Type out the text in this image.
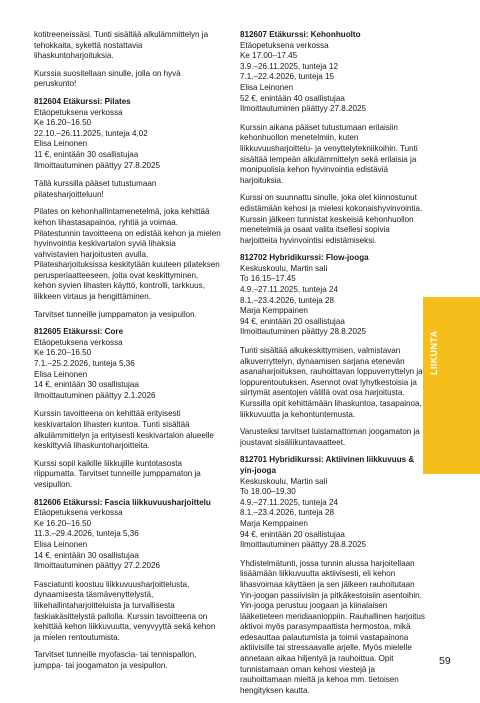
kotitreeneissäsi. Tunti sisältää alkulämmittelyn ja tehokkaita, sykettä nostattavia lihaskuntoharjoituksia.

Kurssia suositellaan sinulle, jolla on hyvä peruskunto!

812604 Etäkurssi: Pilates

Etäopetuksena verkossa
Ke 16.20–16.50
22.10.–26.11.2025, tunteja 4,02
Elisa Leinonen
11 €, enintään 30 osallistujaa
Ilmoittautuminen päättyy 27.8.2025

Tällä kurssilla pääset tutustumaan pilatesharjoitteluun!

Pilates on kehonhallintamenetelmä, joka kehittää kehon lihastasapainoa, ryhtiä ja voimaa. Pilatestunnin tavoitteena on edistää kehon ja mielen hyvinvointia keskivartalon syviä lihaksia vahvistavien harjoitusten avulla. Pilatesharjoituksissa keskitytään kuuteen pilateksen perusperiaatteeseen, joita ovat keskittyminen, kehon syvien lihasten käyttö, kontrolli, tarkkuus, liikkeen virtaus ja hengittäminen.

Tarvitset tunneille jumppamaton ja vesipullon.

812605 Etäkurssi: Core

Etäopetuksena verkossa
Ke 16.20–16.50
7.1.–25.2.2026, tunteja 5,36
Elisa Leinonen
14 €, enintään 30 osallistujaa
Ilmoittautuminen päättyy 2.1.2026

Kurssin tavoitteena on kehittää erityisesti keskivartalon lihasten kuntoa. Tunti sisältää alkulämmittelyn ja erityisesti keskivartalon alueelle keskittyviä lihaskuntoharjoitteita.

Kurssi sopii kaikille liikkujille kuntotasosta riippumatta. Tarvitset tunneille jumppamaton ja vesipullon.

812606 Etäkurssi: Fascia liikkuvuusharjoittelu

Etäopetuksena verkossa
Ke 16.20–16.50
11.3.–29.4.2026, tunteja 5,36
Elisa Leinonen
14 €, enintään 30 osallistujaa
Ilmoittautuminen päättyy 27.2.2026

Fasciatunti koostuu liikkuvuusharjoittelusta, dynaamisesta täsmävenyttelystä, liikehallintaharjoitteluista ja turvallisesta faskiakäsittelystä pallolla. Kurssin tavoitteena on kehittää kehon liikkuvuutta, venyvyyttä sekä kehon ja mielen rentoutumista.

Tarvitset tunneille myofascia- tai tennispallon, jumppa- tai joogamaton ja vesipullon.

812607 Etäkurssi: Kehonhuolto

Etäopetuksena verkossa
Ke 17.00–17.45
3.9.–26.11.2025, tunteja 12
7.1.–22.4.2026, tunteja 15
Elisa Leinonen
52 €, enintään 40 osallistujaa
Ilmoittautuminen päättyy 27.8.2025

Kurssin aikana pääset tutustumaan erilaisiin kehonhuollon menetelmiin, kuten liikkuvuusharjoittelu- ja venyttelytekniikoihin. Tunti sisältää lempeän alkulämmittelyn sekä erilaisia ja monipuolisia kehon hyvinvointia edistäviä harjoituksia.

Kurssi on suunnattu sinulle, joka olet kiinnostunut edistämään kehosi ja mielesi kokonaishyvinvointia. Kurssin jälkeen tunnistat keskeisiä kehonhuollon menetelmiä ja osaat valita itsellesi sopivia harjoitteita hyvinvointisi edistämiseksi.

812702 Hybridikurssi: Flow-jooga

Keskuskoulu, Martin sali
To 16.15–17.45
4.9.–27.11.2025, tunteja 24
8.1.–23.4.2026, tunteja 28
Marja Kemppainen
94 €, enintään 20 osallistujaa
Ilmoittautuminen päättyy 28.8.2025

Tunti sisältää alkukeskittymisen, valmistavan alkuverryttelyn, dynaamisen sarjana etenevän asanaharjoituksen, rauhoittavan loppuverryttelyn ja loppurentoutuksen. Asennot ovat lyhytkestoisia ja siirtymät asentojen välillä ovat osa harjoitusta. Kurssilla opit kehittämään lihaskuntoa, tasapainoa, liikkuvuutta ja kehontuntemusta.

Varusteiksi tarvitset luistamattoman joogamaton ja joustavat sisäliikuntavaatteet.

812701 Hybridikurssi: Aktiivinen liikkuvuus & yin-jooga

Keskuskoulu, Martin sali
To 18.00–19.30
4.9.–27.11.2025, tunteja 24
8.1.–23.4.2026, tunteja 28
Marja Kemppainen
94 €, enintään 20 osallistujaa
Ilmoittautuminen päättyy 28.8.2025

Yhdistelmätunti, jossa tunnin alussa harjoitellaan lisäämään liikkuvuutta aktiivisesti, eli kehon lihasvoimaa käyttäen ja sen jälkeen rauhoitutaan Yin-joogan passiivisiin ja pitkäkestoisiin asentoihin. Yin-jooga perustuu joogaan ja kiinalaisen lääketieteen meridiaanioppiin. Rauhallinen harjoitus aktivoi myös parasympaattista hermostoa, mikä edesauttaa palautumista ja toimii vastapainona aktiivisille tai stressaavalle arjelle. Myös mielelle annetaan aikaa hiljentyä ja rauhoittua. Opit tunnistamaan oman kehosi viestejä ja rauhoittamaan mieltä ja kehoa mm. tietoisen hengityksen kautta.

LIIKUNTA
59
